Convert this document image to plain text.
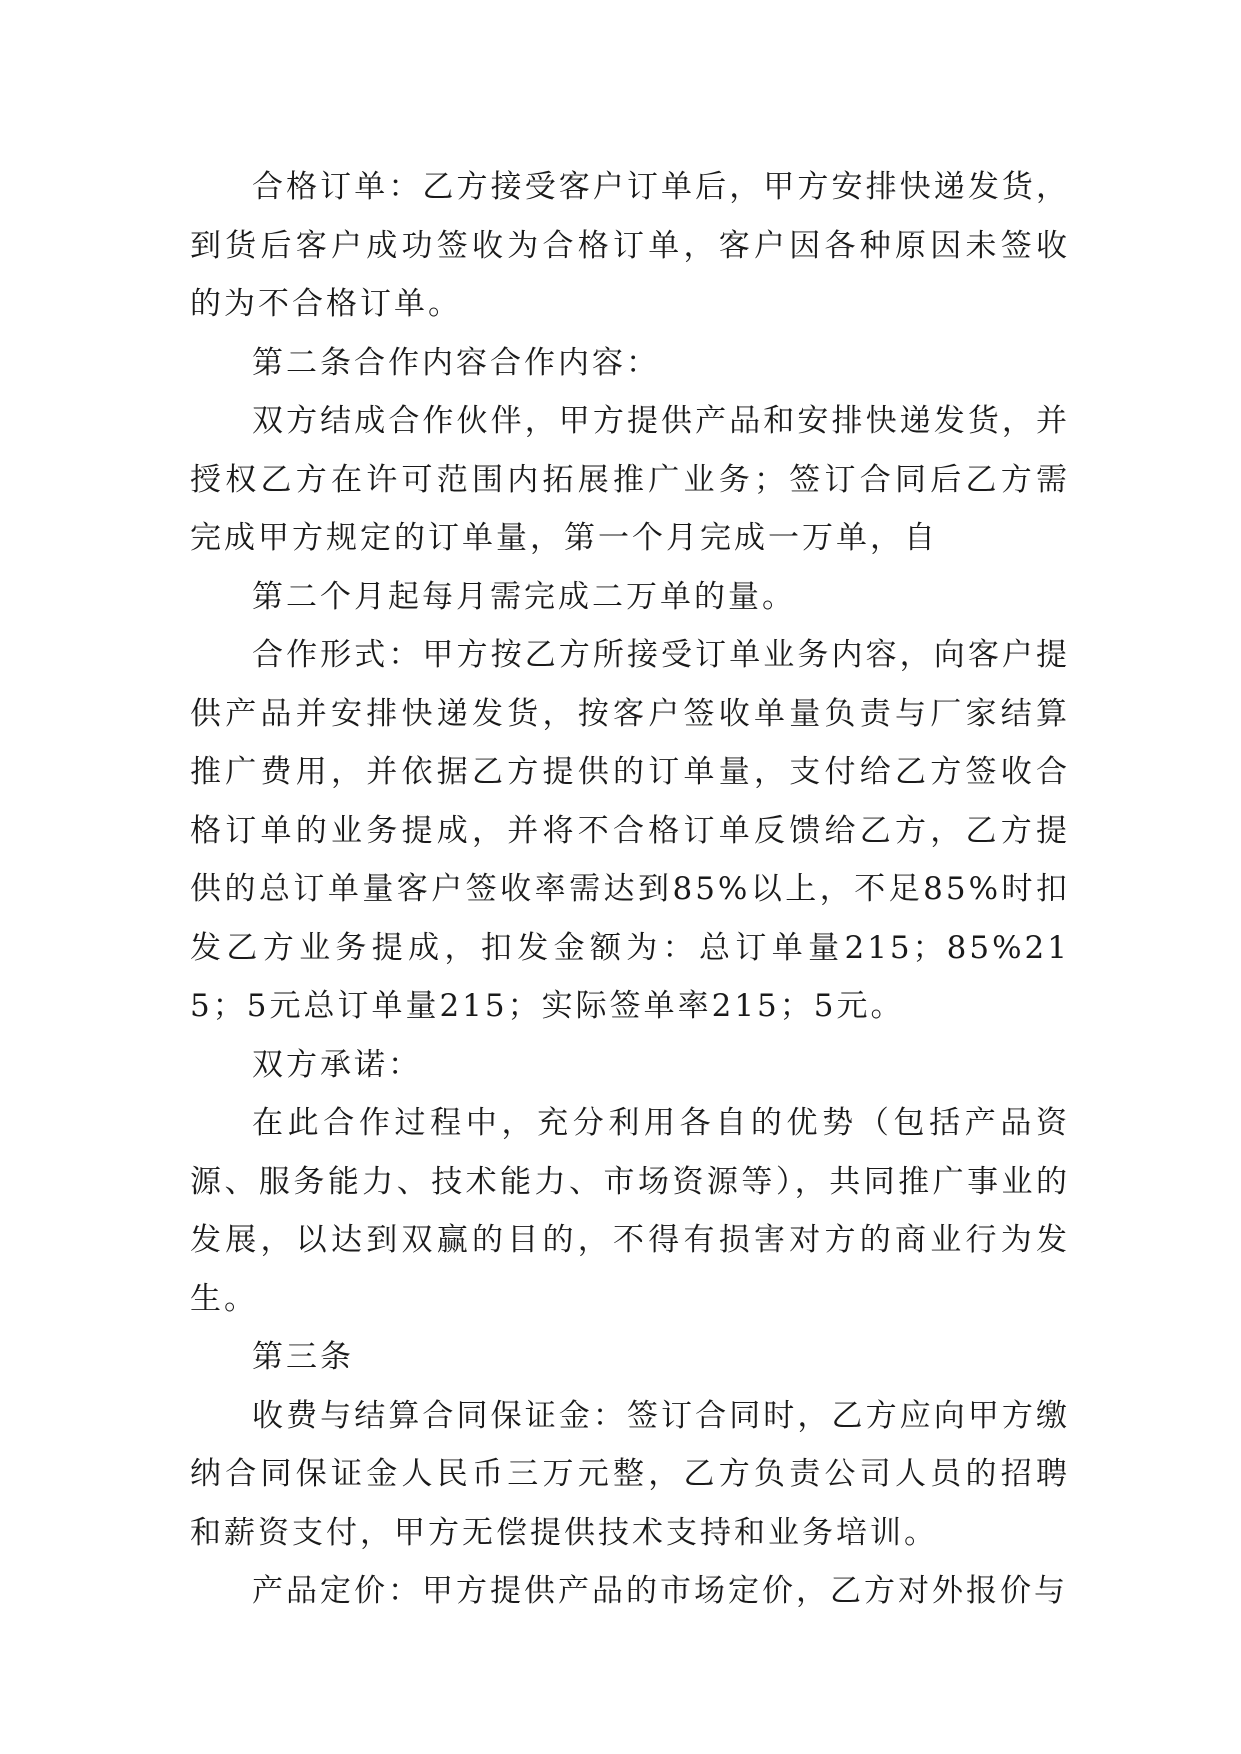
合格订单：乙方接受客户订单后，甲方安排快递发货，到货后客户成功签收为合格订单，客户因各种原因未签收的为不合格订单。

第二条合作内容合作内容：

双方结成合作伙伴，甲方提供产品和安排快递发货，并授权乙方在许可范围内拓展推广业务；签订合同后乙方需完成甲方规定的订单量，第一个月完成一万单，自

第二个月起每月需完成二万单的量。

合作形式：甲方按乙方所接受订单业务内容，向客户提供产品并安排快递发货，按客户签收单量负责与厂家结算推广费用，并依据乙方提供的订单量，支付给乙方签收合格订单的业务提成，并将不合格订单反馈给乙方，乙方提供的总订单量客户签收率需达到85%以上，不足85%时扣发乙方业务提成，扣发金额为：总订单量215；85%215；5元总订单量215；实际签单率215；5元。

双方承诺：

在此合作过程中，充分利用各自的优势（包括产品资源、服务能力、技术能力、市场资源等），共同推广事业的发展，以达到双赢的目的，不得有损害对方的商业行为发生。

第三条

收费与结算合同保证金：签订合同时，乙方应向甲方缴纳合同保证金人民币三万元整，乙方负责公司人员的招聘和薪资支付，甲方无偿提供技术支持和业务培训。

产品定价：甲方提供产品的市场定价，乙方对外报价与
